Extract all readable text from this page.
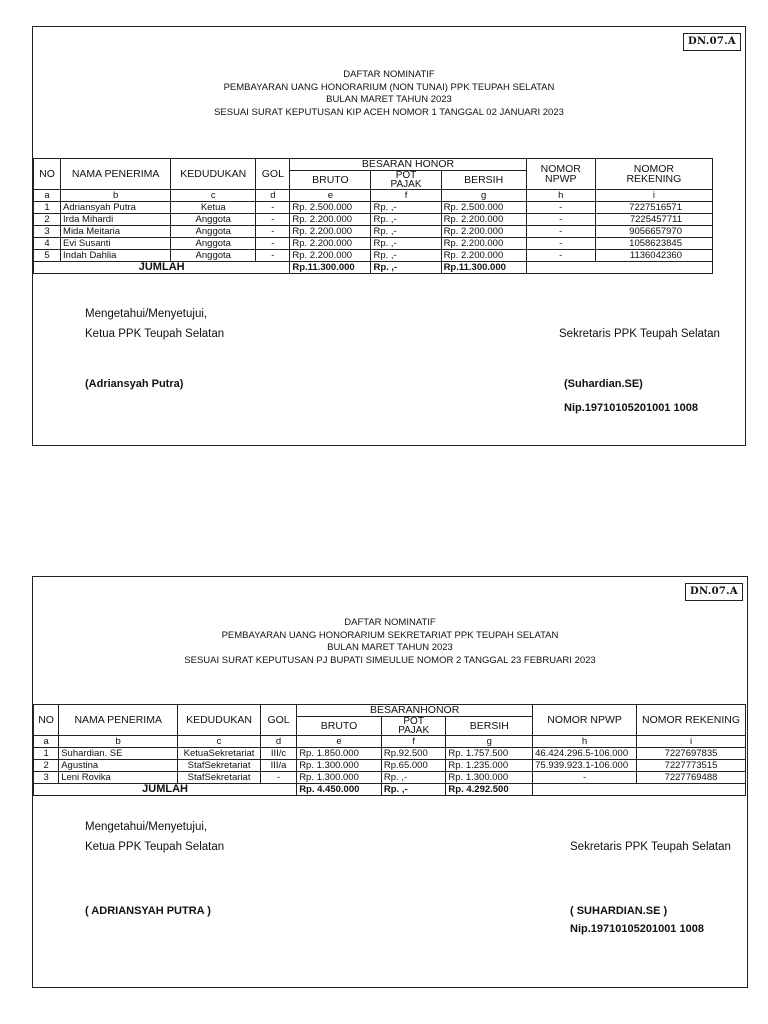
DN.07.A
DAFTAR NOMINATIF
PEMBAYARAN UANG HONORARIUM (NON TUNAI) PPK TEUPAH SELATAN
BULAN MARET TAHUN 2023
SESUAI SURAT KEPUTUSAN KIP ACEH NOMOR 1 TANGGAL 02 JANUARI 2023
NO	NAMA PENERIMA	KEDUDUKAN	GOL	BESARAN HONOR			NOMOR
NPWP	NOMOR
REKENING
				BRUTO	POT
PAJAK	BERSIH		
a	b	c	d	e	f	g	h	i
1	Adriansyah Putra	Ketua	-	Rp. 2.500.000	Rp. ,-	Rp. 2.500.000	-	7227516571
2	Irda Mihardi	Anggota	-	Rp. 2.200.000	Rp. ,-	Rp. 2.200.000	-	7225457711
3	Mida Meitaria	Anggota	-	Rp. 2.200.000	Rp. ,-	Rp. 2.200.000	-	9056657970
4	Evi Susanti	Anggota	-	Rp. 2.200.000	Rp. ,-	Rp. 2.200.000	-	1058623845
5	Indah Dahlia	Anggota	-	Rp. 2.200.000	Rp. ,-	Rp. 2.200.000	-	1136042360
JUMLAH				Rp.11.300.000	Rp. ,-	Rp.11.300.000		
Mengetahui/Menyetujui,
Ketua PPK Teupah Selatan	Sekretaris PPK Teupah Selatan
(Adriansyah Putra)	(Suhardian.SE)
Nip.19710105201001 1008
DN.07.A
DAFTAR NOMINATIF
PEMBAYARAN UANG HONORARIUM SEKRETARIAT PPK TEUPAH SELATAN
BULAN MARET TAHUN 2023
SESUAI SURAT KEPUTUSAN PJ BUPATI SIMEULUE NOMOR 2 TANGGAL 23 FEBRUARI 2023
NO	NAMA PENERIMA	KEDUDUKAN	GOL	BESARANHONOR			NOMOR NPWP	NOMOR REKENING
				BRUTO	POT
PAJAK	BERSIH		
a	b	c	d	e	f	g	h	i
1	Suhardian. SE	KetuaSekretariat	III/c	Rp. 1.850.000	Rp.92.500	Rp. 1.757.500	46.424.296.5-106.000	7227697835
2	Agustina	StafSekretariat	III/a	Rp. 1.300.000	Rp.65.000	Rp. 1.235.000	75.939.923.1-106.000	7227773515
3	Leni Rovika	StafSekretariat	-	Rp. 1.300.000	Rp. ,-	Rp. 1.300.000	-	7227769488
JUMLAH				Rp. 4.450.000	Rp. ,-	Rp. 4.292.500		
Mengetahui/Menyetujui,
Ketua PPK Teupah Selatan	Sekretaris PPK Teupah Selatan
( ADRIANSYAH PUTRA )	( SUHARDIAN.SE )
Nip.19710105201001 1008
